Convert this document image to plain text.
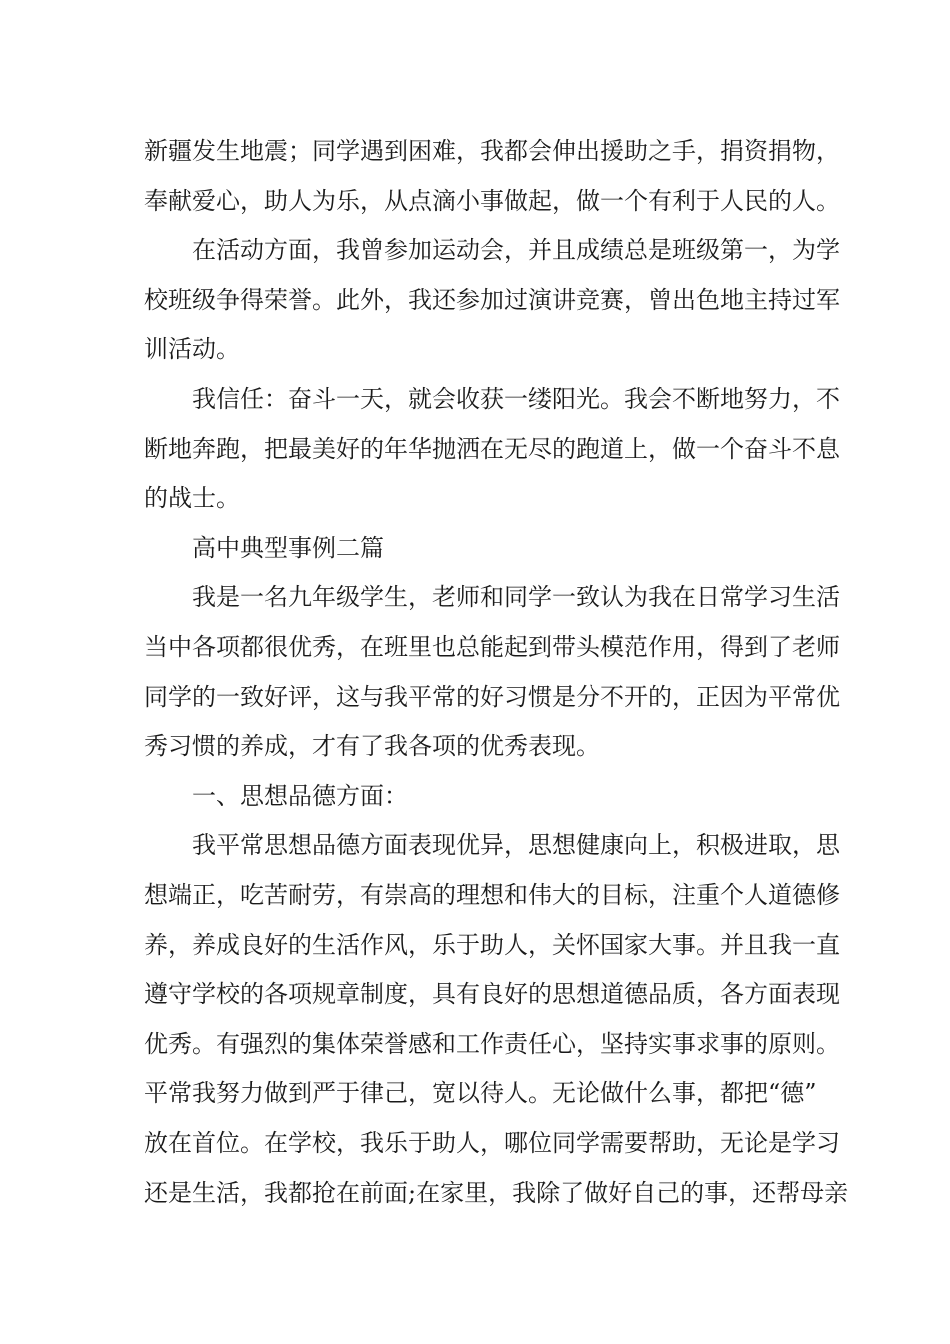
新疆发生地震；同学遇到困难，我都会伸出援助之手，捐资捐物，
奉献爱心，助人为乐，从点滴小事做起，做一个有利于人民的人。
在活动方面，我曾参加运动会，并且成绩总是班级第一，为学
校班级争得荣誉。此外，我还参加过演讲竞赛，曾出色地主持过军
训活动。
我信任：奋斗一天，就会收获一缕阳光。我会不断地努力，不
断地奔跑，把最美好的年华抛洒在无尽的跑道上，做一个奋斗不息
的战士。
高中典型事例二篇
我是一名九年级学生，老师和同学一致认为我在日常学习生活
当中各项都很优秀，在班里也总能起到带头模范作用，得到了老师
同学的一致好评，这与我平常的好习惯是分不开的，正因为平常优
秀习惯的养成，才有了我各项的优秀表现。
一、思想品德方面：
我平常思想品德方面表现优异，思想健康向上，积极进取，思
想端正，吃苦耐劳，有崇高的理想和伟大的目标，注重个人道德修
养，养成良好的生活作风，乐于助人，关怀国家大事。并且我一直
遵守学校的各项规章制度，具有良好的思想道德品质，各方面表现
优秀。有强烈的集体荣誉感和工作责任心，坚持实事求事的原则。
平常我努力做到严于律己，宽以待人。无论做什么事，都把“德”
放在首位。在学校，我乐于助人，哪位同学需要帮助，无论是学习
还是生活，我都抢在前面;在家里，我除了做好自己的事，还帮母亲
